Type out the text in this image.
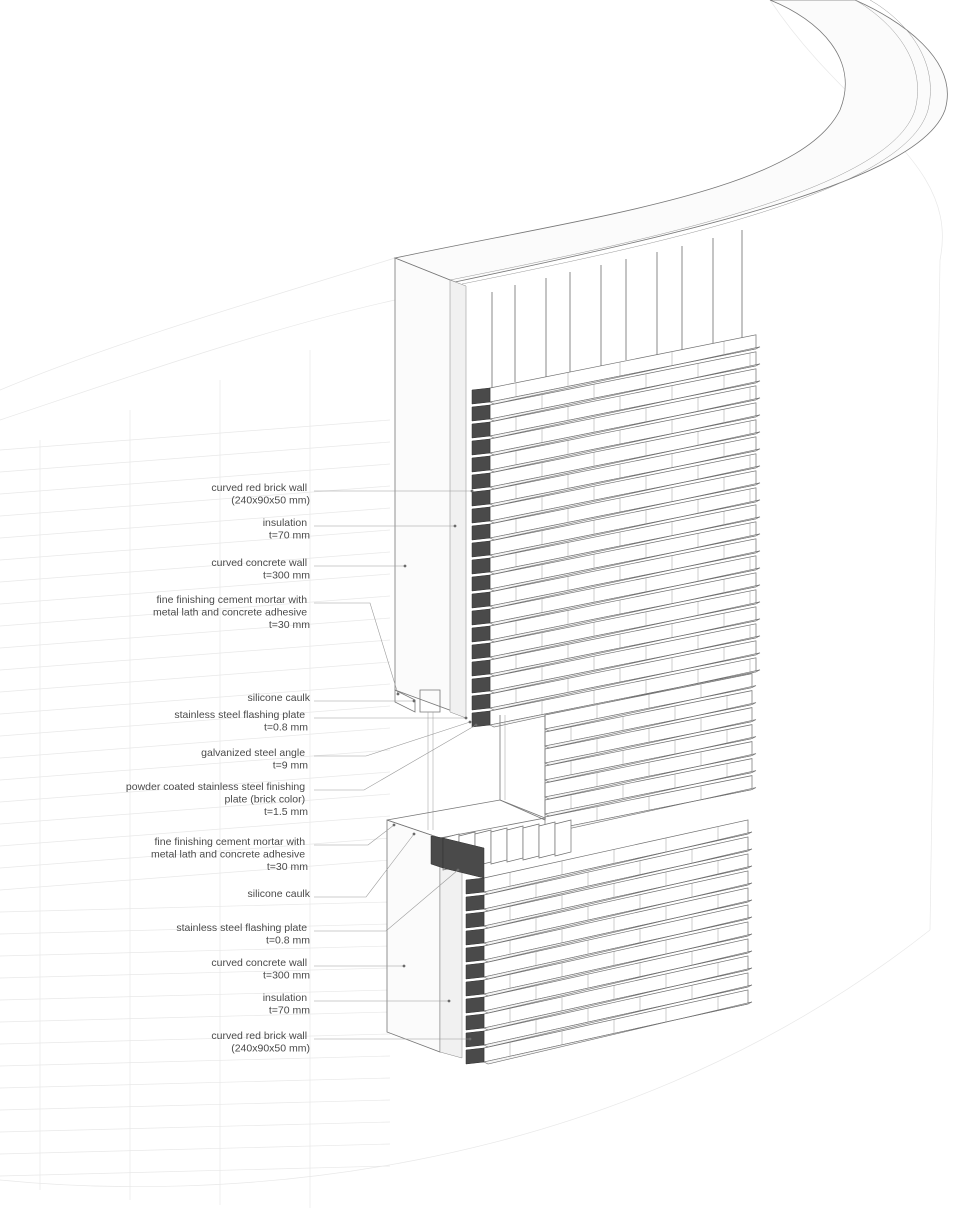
curved red brick wall (240x90x50 mm)
insulation t=70 mm
curved concrete wall t=300 mm
fine finishing cement mortar with metal lath and concrete adhesive t=30 mm
silicone caulk
stainless steel flashing plate t=0.8 mm
galvanized steel angle t=9 mm
powder coated stainless steel finishing plate (brick color) t=1.5 mm
fine finishing cement mortar with metal lath and concrete adhesive t=30 mm
silicone caulk
stainless steel flashing plate t=0.8 mm
curved concrete wall t=300 mm
insulation t=70 mm
curved red brick wall (240x90x50 mm)
